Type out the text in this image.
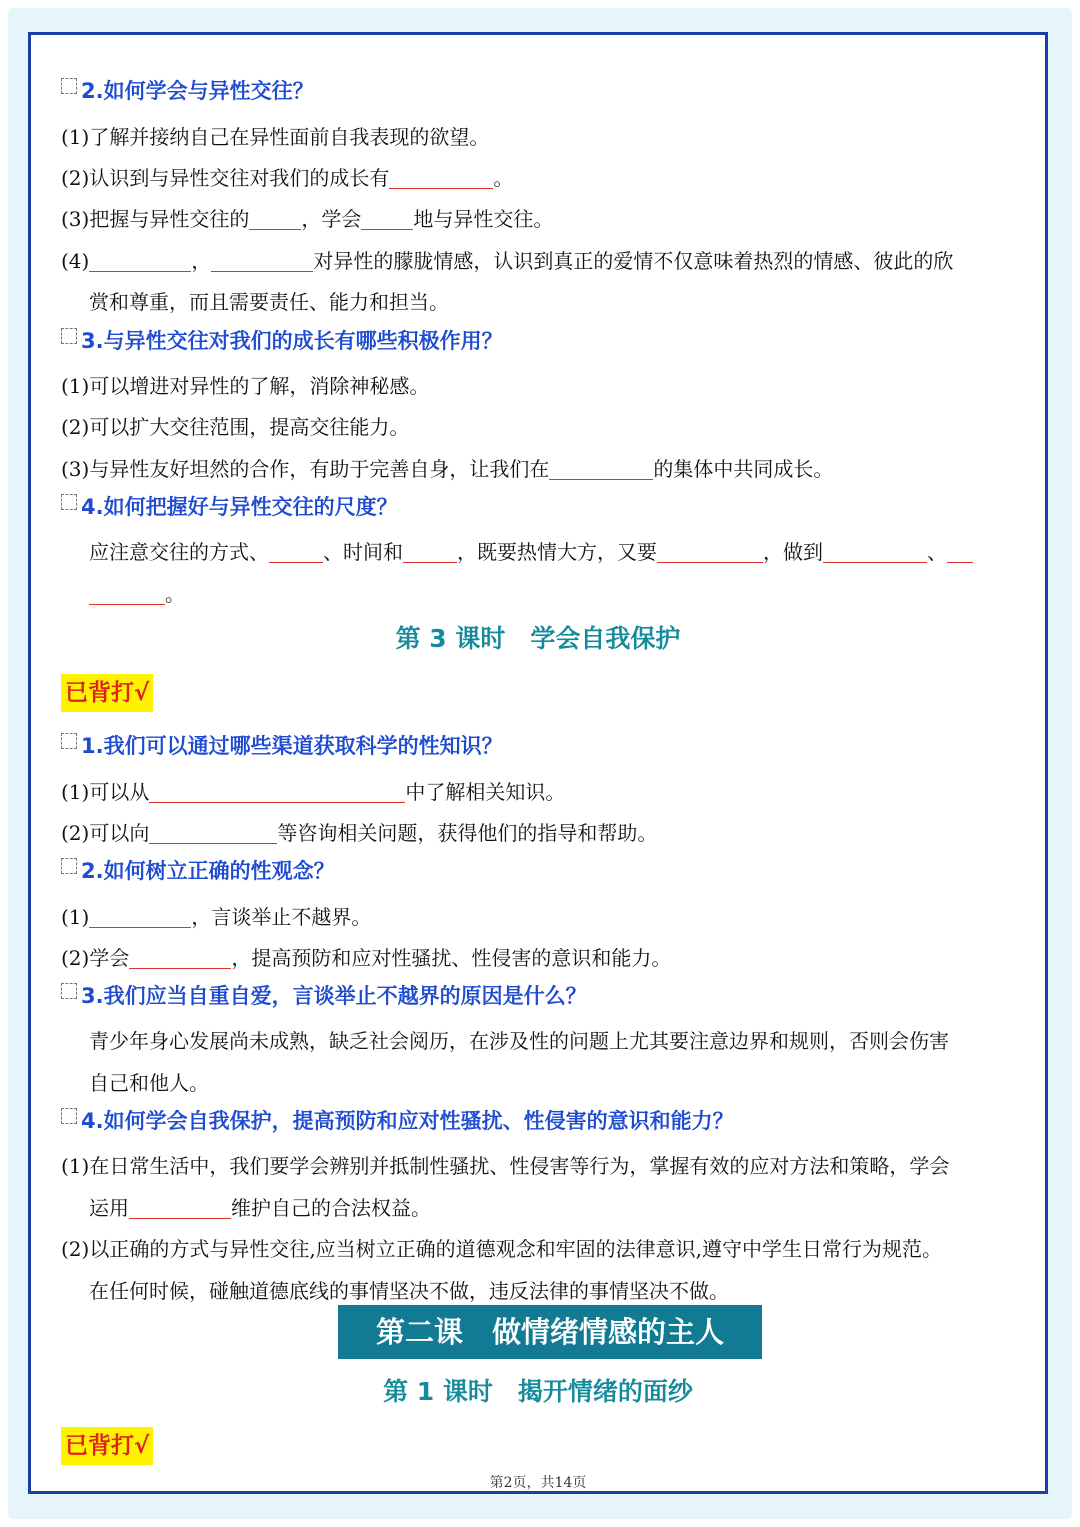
2.如何学会与异性交往？
(1)了解并接纳自己在异性面前自我表现的欲望。
(2)认识到与异性交往对我们的成长有	。
(3)把握与异性交往的	，学会	地与异性交往。
(4)	，	对异性的朦胧情感，认识到真正的爱情不仅意味着热烈的情感、彼此的欣
赏和尊重，而且需要责任、能力和担当。
3.与异性交往对我们的成长有哪些积极作用？
(1)可以增进对异性的了解，消除神秘感。
(2)可以扩大交往范围，提高交往能力。
(3)与异性友好坦然的合作，有助于完善自身，让我们在	的集体中共同成长。
4.如何把握好与异性交往的尺度？
应注意交往的方式、	、时间和	，既要热情大方，又要	，做到	、
。
第 3 课时　学会自我保护
已背打√
1.我们可以通过哪些渠道获取科学的性知识？
(1)可以从	中了解相关知识。
(2)可以向	等咨询相关问题，获得他们的指导和帮助。
2.如何树立正确的性观念？
(1)	，言谈举止不越界。
(2)学会	，提高预防和应对性骚扰、性侵害的意识和能力。
3.我们应当自重自爱，言谈举止不越界的原因是什么？
青少年身心发展尚未成熟，缺乏社会阅历，在涉及性的问题上尤其要注意边界和规则，否则会伤害
自己和他人。
4.如何学会自我保护，提高预防和应对性骚扰、性侵害的意识和能力？
(1)在日常生活中，我们要学会辨别并抵制性骚扰、性侵害等行为，掌握有效的应对方法和策略，学会
运用	维护自己的合法权益。
(2)以正确的方式与异性交往,应当树立正确的道德观念和牢固的法律意识,遵守中学生日常行为规范。
在任何时候，碰触道德底线的事情坚决不做，违反法律的事情坚决不做。
第二课　做情绪情感的主人
第 1 课时　揭开情绪的面纱
已背打√
第2页，共14页
